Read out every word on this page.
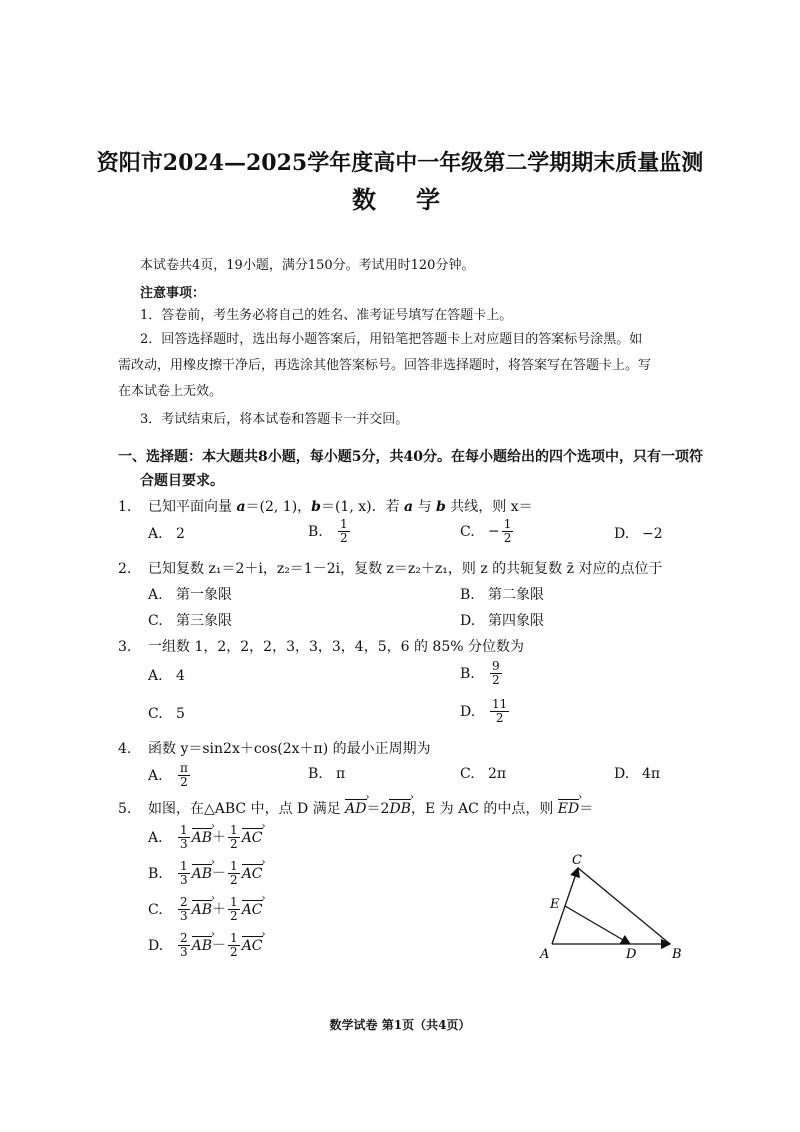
资阳市2024—2025学年度高中一年级第二学期期末质量监测
数　学
本试卷共4页，19小题，满分150分。考试用时120分钟。
注意事项：
1．答卷前，考生务必将自己的姓名、准考证号填写在答题卡上。
2．回答选择题时，选出每小题答案后，用铅笔把答题卡上对应题目的答案标号涂黑。如
需改动，用橡皮擦干净后，再选涂其他答案标号。回答非选择题时，将答案写在答题卡上。写
在本试卷上无效。
3．考试结束后，将本试卷和答题卡一并交回。
一、选择题：本大题共8小题，每小题5分，共40分。在每小题给出的四个选项中，只有一项符
合题目要求。
1. 已知平面向量 a＝(2, 1)，b＝(1, x)．若 a 与 b 共线，则 x＝
A. 2	B. $\frac{1}{2}$	C. − $\frac{1}{2}$	D. −2
2. 已知复数 z₁＝2＋i，z₂＝1－2i，复数 z＝z₂＋z₁，则 z 的共轭复数 z̄ 对应的点位于
A. 第一象限	B. 第二象限
C. 第三象限	D. 第四象限
3. 一组数 1，2，2，2，3，3，3，4，5，6 的 85% 分位数为
A. 4	B. $\frac{9}{2}$
C. 5	D. $\frac{11}{2}$
4. 函数 y＝sin2x＋cos(2x＋π) 的最小正周期为
A. $\frac{\pi}{2}$	B. π	C. 2π	D. 4π
5. 如图，在△ABC 中，点 D 满足 AD ›＝2DB ›，E 为 AC 的中点，则 ED ›＝
A. $\frac{1}{3}$ AB ›＋ $\frac{1}{2}$ AC ›
B. $\frac{1}{3}$ AB ›－ $\frac{1}{2}$ AC ›
C. $\frac{2}{3}$ AB ›＋ $\frac{1}{2}$ AC ›
D. $\frac{2}{3}$ AB ›－ $\frac{1}{2}$ AC ›
A	B
C
D
E
数学试卷 第1页（共4页）
